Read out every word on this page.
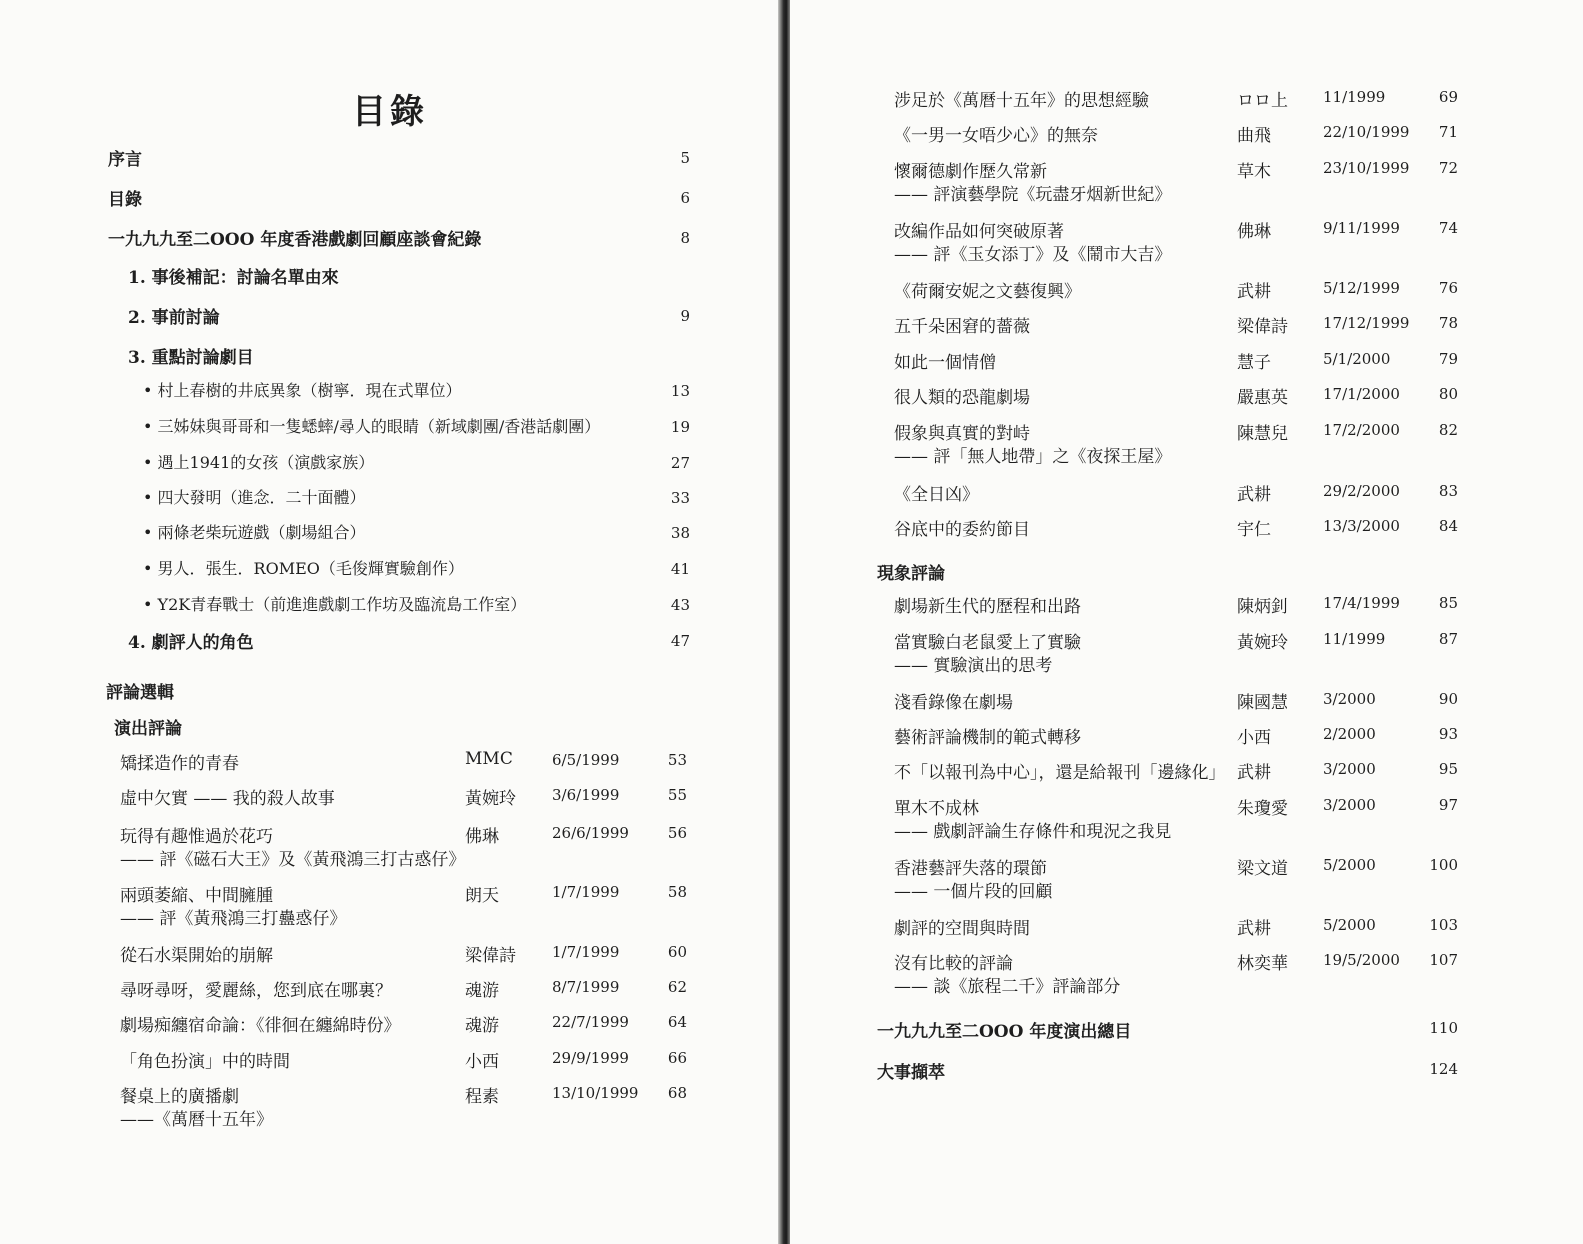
目錄
序言	5
目錄	6
一九九九至二OOO 年度香港戲劇回顧座談會紀錄	8
1. 事後補記：討論名單由來
2. 事前討論	9
3. 重點討論劇目
• 村上春樹的井底異象（樹寧．現在式單位）	13
• 三姊妹與哥哥和一隻蟋蟀/尋人的眼睛（新域劇團/香港話劇團）	19
• 遇上1941的女孩（演戲家族）	27
• 四大發明（進念．二十面體）	33
• 兩條老柴玩遊戲（劇場組合）	38
• 男人．張生．ROMEO（毛俊輝實驗創作）	41
• Y2K青春戰士（前進進戲劇工作坊及臨流島工作室）	43
4. 劇評人的角色	47
評論選輯
演出評論
矯揉造作的青春	MMC	6/5/1999	53
虛中欠實 —— 我的殺人故事	黃婉玲 3/6/1999	55
玩得有趣惟過於花巧
—— 評《磁石大王》及《黃飛鴻三打古惑仔》
佛琳	26/6/1999	56
兩頭萎縮、中間臃腫
—— 評《黃飛鴻三打蠱惑仔》
朗天	1/7/1999	58
從石水渠開始的崩解	梁偉詩 1/7/1999	60
尋呀尋呀，愛麗絲，您到底在哪裏？	魂游	8/7/1999	62
劇場痴纏宿命論：《徘徊在纏綿時份》	魂游	22/7/1999	64
「角色扮演」中的時間	小西	29/9/1999	66
餐桌上的廣播劇
——《萬曆十五年》
程素	13/10/1999	68
涉足於《萬曆十五年》的思想經驗	ロロ上 11/1999	69
《一男一女唔少心》的無奈	曲飛	22/10/1999	71
懷爾德劇作歷久常新
—— 評演藝學院《玩盡牙烟新世紀》
草木	23/10/1999	72
改編作品如何突破原著
—— 評《玉女添丁》及《鬧市大吉》
佛琳	9/11/1999	74
《荷爾安妮之文藝復興》	武耕	5/12/1999	76
五千朵困窘的薔薇	梁偉詩 17/12/1999	78
如此一個情僧	慧子	5/1/2000	79
很人類的恐龍劇場	嚴惠英 17/1/2000	80
假象與真實的對峙
—— 評「無人地帶」之《夜探王屋》
陳慧兒 17/2/2000	82
《全日凶》	武耕	29/2/2000	83
谷底中的委約節目	宇仁	13/3/2000	84
現象評論
劇場新生代的歷程和出路	陳炳釗 17/4/1999	85
當實驗白老鼠愛上了實驗
—— 實驗演出的思考
黃婉玲 11/1999	87
淺看錄像在劇場	陳國慧 3/2000	90
藝術評論機制的範式轉移	小西	2/2000	93
不「以報刊為中心」，還是給報刊「邊緣化」 武耕	3/2000	95
單木不成林
—— 戲劇評論生存條件和現況之我見
朱瓊愛 3/2000	97
香港藝評失落的環節
—— 一個片段的回顧
梁文道 5/2000	100
劇評的空間與時間	武耕	5/2000	103
沒有比較的評論
—— 談《旅程二千》評論部分
林奕華 19/5/2000	107
一九九九至二OOO 年度演出總目	110
大事擷萃	124
